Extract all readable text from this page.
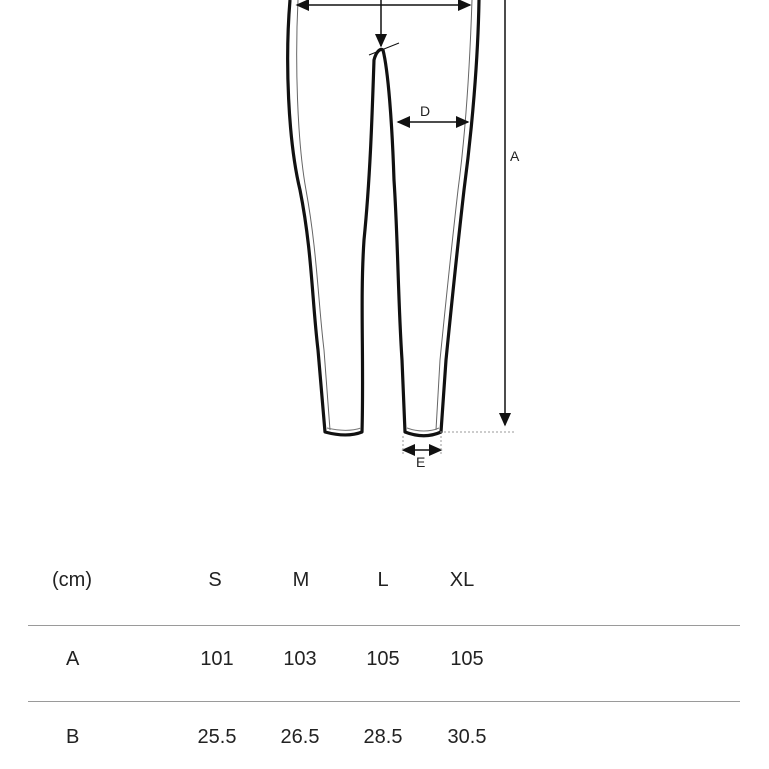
D
A
E
(cm)	S	M	L	XL
A	101 103 105	105
B	25.5 26.5 28.5 30.5
